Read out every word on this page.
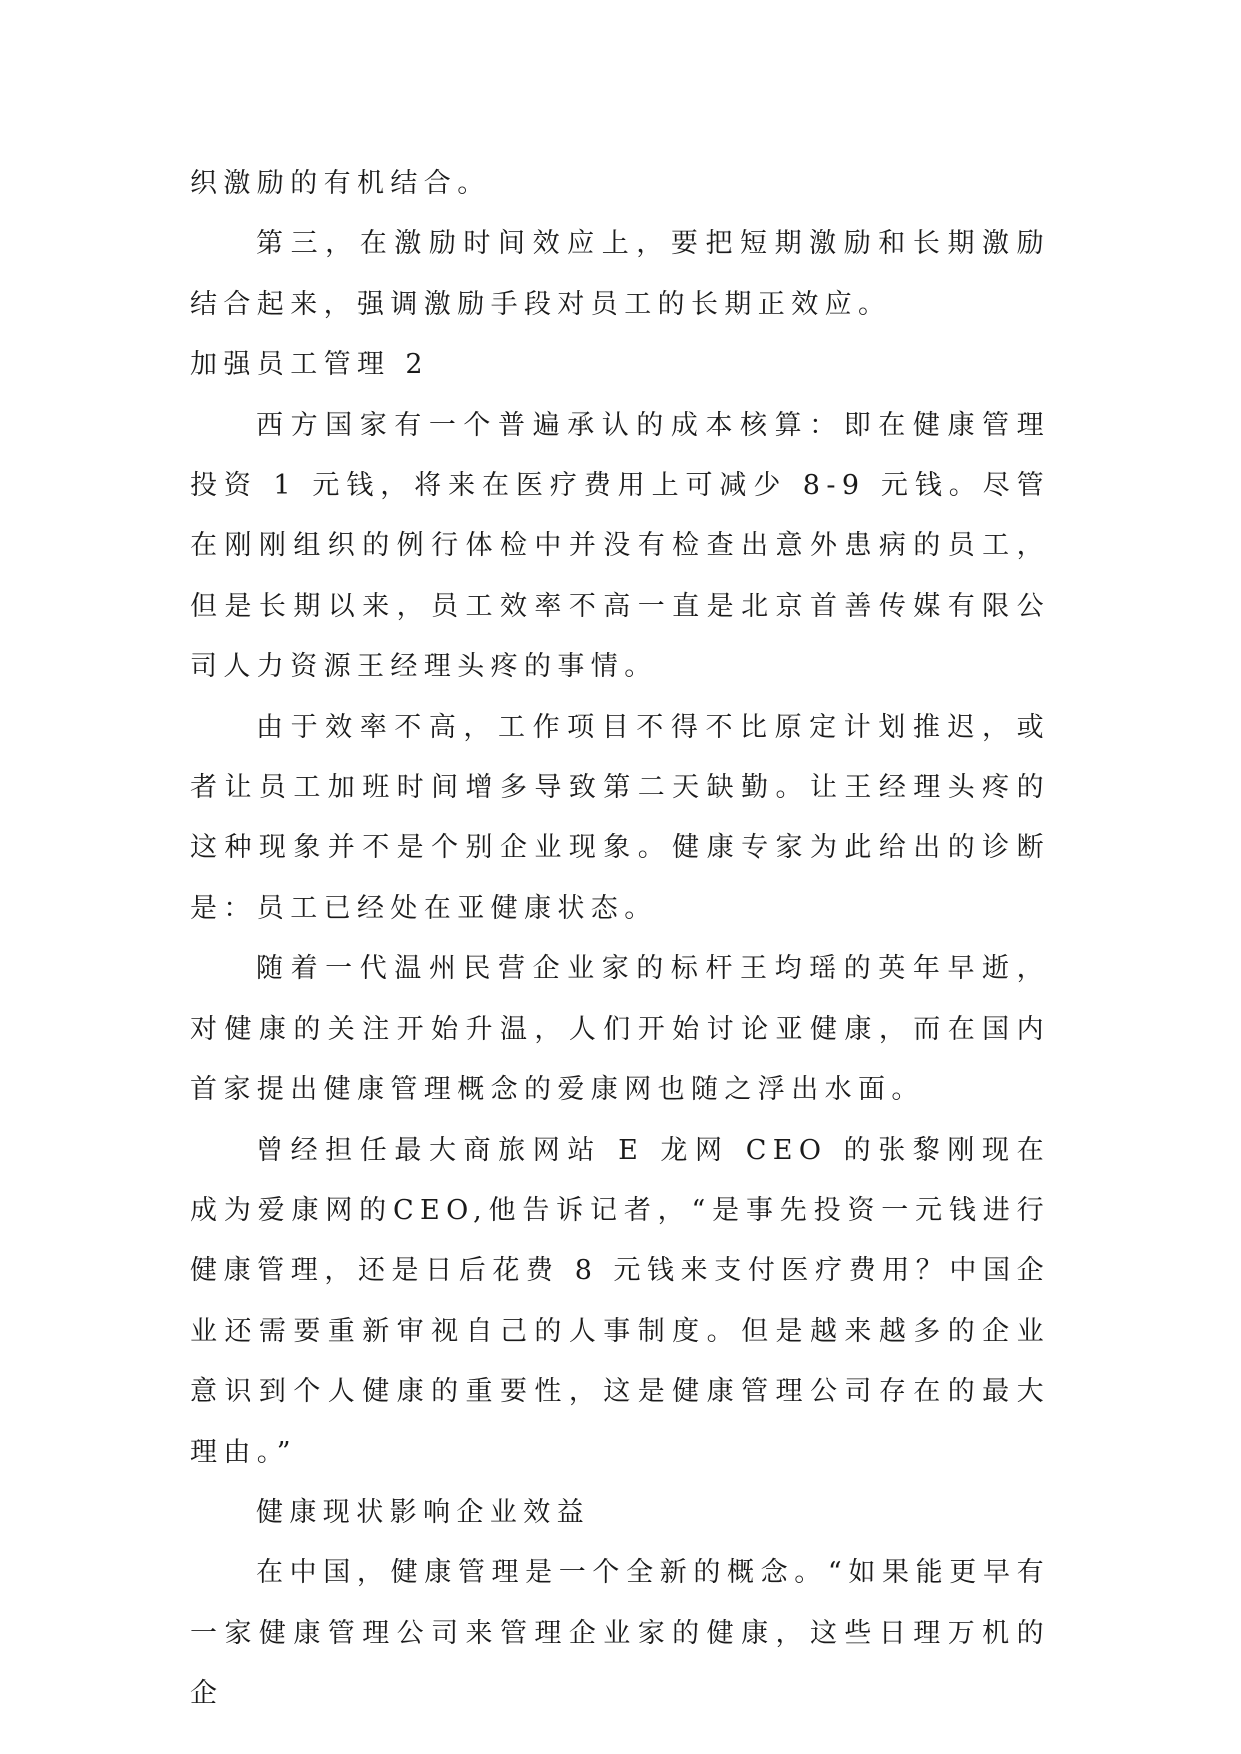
织激励的有机结合。

第三，在激励时间效应上，要把短期激励和长期激励结合起来，强调激励手段对员工的长期正效应。

加强员工管理 2

西方国家有一个普遍承认的成本核算：即在健康管理投资 1 元钱，将来在医疗费用上可减少 8-9 元钱。尽管在刚刚组织的例行体检中并没有检查出意外患病的员工，但是长期以来，员工效率不高一直是北京首善传媒有限公司人力资源王经理头疼的事情。

由于效率不高，工作项目不得不比原定计划推迟，或者让员工加班时间增多导致第二天缺勤。让王经理头疼的这种现象并不是个别企业现象。健康专家为此给出的诊断是：员工已经处在亚健康状态。

随着一代温州民营企业家的标杆王均瑶的英年早逝，对健康的关注开始升温，人们开始讨论亚健康，而在国内首家提出健康管理概念的爱康网也随之浮出水面。

曾经担任最大商旅网站 E 龙网 CEO 的张黎刚现在成为爱康网的CEO,他告诉记者，“是事先投资一元钱进行健康管理，还是日后花费 8 元钱来支付医疗费用？中国企业还需要重新审视自己的人事制度。但是越来越多的企业意识到个人健康的重要性，这是健康管理公司存在的最大理由。”

健康现状影响企业效益

在中国，健康管理是一个全新的概念。“如果能更早有一家健康管理公司来管理企业家的健康，这些日理万机的企
